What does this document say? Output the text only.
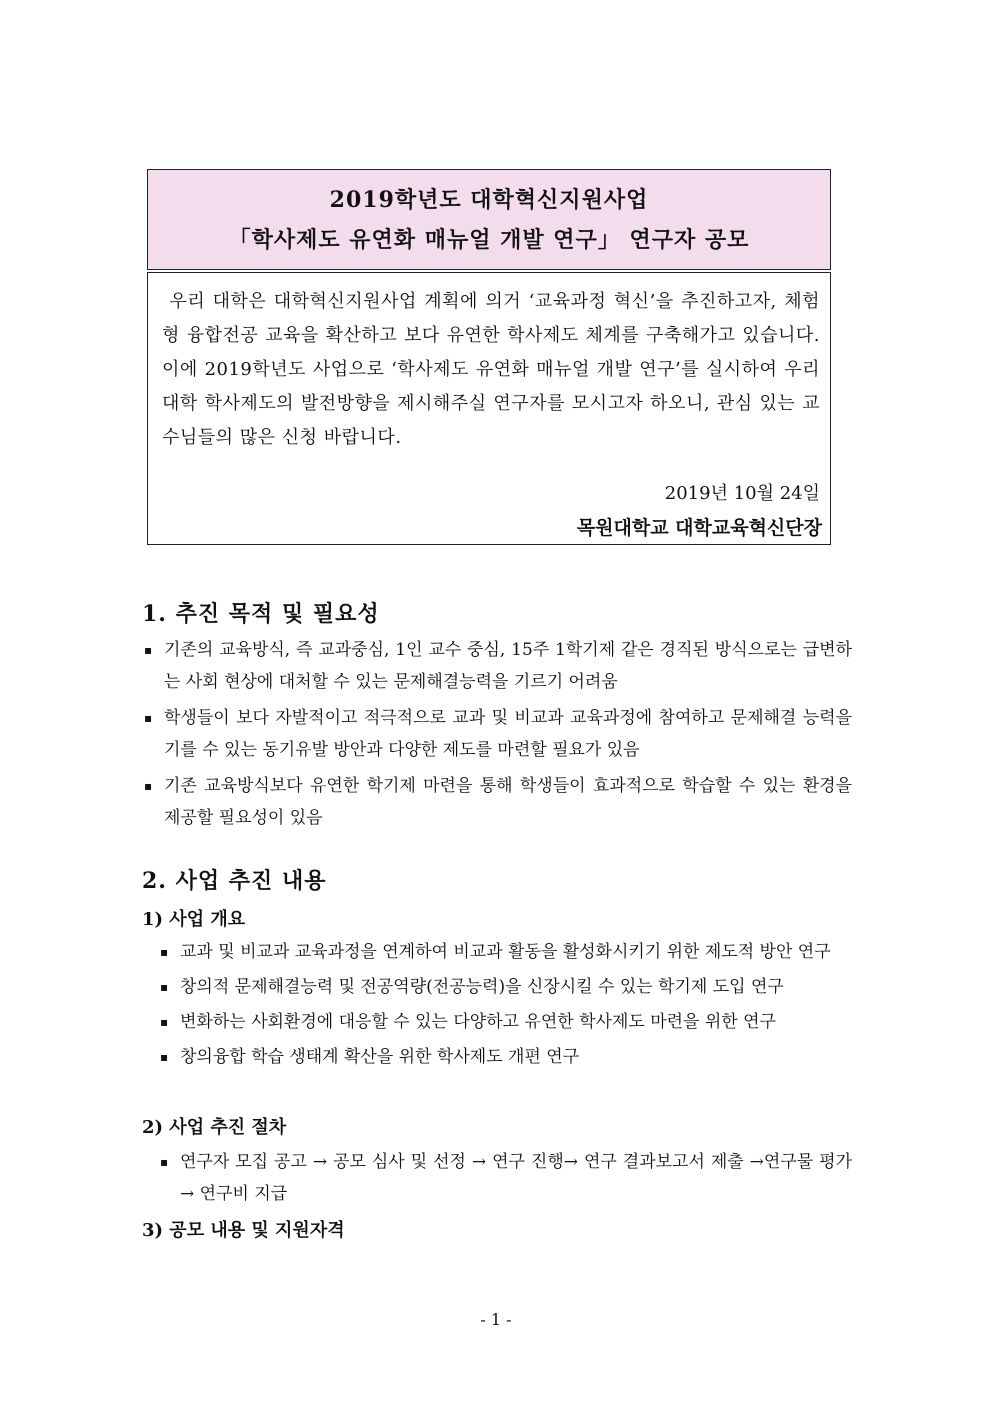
2019학년도 대학혁신지원사업
「학사제도 유연화 매뉴얼 개발 연구」 연구자 공모
우리 대학은 대학혁신지원사업 계획에 의거 ‘교육과정 혁신’을 추진하고자, 체험형 융합전공 교육을 확산하고 보다 유연한 학사제도 체계를 구축해가고 있습니다. 이에 2019학년도 사업으로 ‘학사제도 유연화 매뉴얼 개발 연구’를 실시하여 우리 대학 학사제도의 발전방향을 제시해주실 연구자를 모시고자 하오니, 관심 있는 교수님들의 많은 신청 바랍니다.
2019년 10월 24일
목원대학교 대학교육혁신단장
1. 추진 목적 및 필요성
▪ 기존의 교육방식, 즉 교과중심, 1인 교수 중심, 15주 1학기제 같은 경직된 방식으로는 급변하는 사회 현상에 대처할 수 있는 문제해결능력을 기르기 어려움
▪ 학생들이 보다 자발적이고 적극적으로 교과 및 비교과 교육과정에 참여하고 문제해결 능력을 기를 수 있는 동기유발 방안과 다양한 제도를 마련할 필요가 있음
▪ 기존 교육방식보다 유연한 학기제 마련을 통해 학생들이 효과적으로 학습할 수 있는 환경을 제공할 필요성이 있음
2. 사업 추진 내용
1) 사업 개요
▪ 교과 및 비교과 교육과정을 연계하여 비교과 활동을 활성화시키기 위한 제도적 방안 연구
▪ 창의적 문제해결능력 및 전공역량(전공능력)을 신장시킬 수 있는 학기제 도입 연구
▪ 변화하는 사회환경에 대응할 수 있는 다양하고 유연한 학사제도 마련을 위한 연구
▪ 창의융합 학습 생태계 확산을 위한 학사제도 개편 연구
2) 사업 추진 절차
▪ 연구자 모집 공고 → 공모 심사 및 선정 → 연구 진행→ 연구 결과보고서 제출 →연구물 평가 → 연구비 지급
3) 공모 내용 및 지원자격
- 1 -
